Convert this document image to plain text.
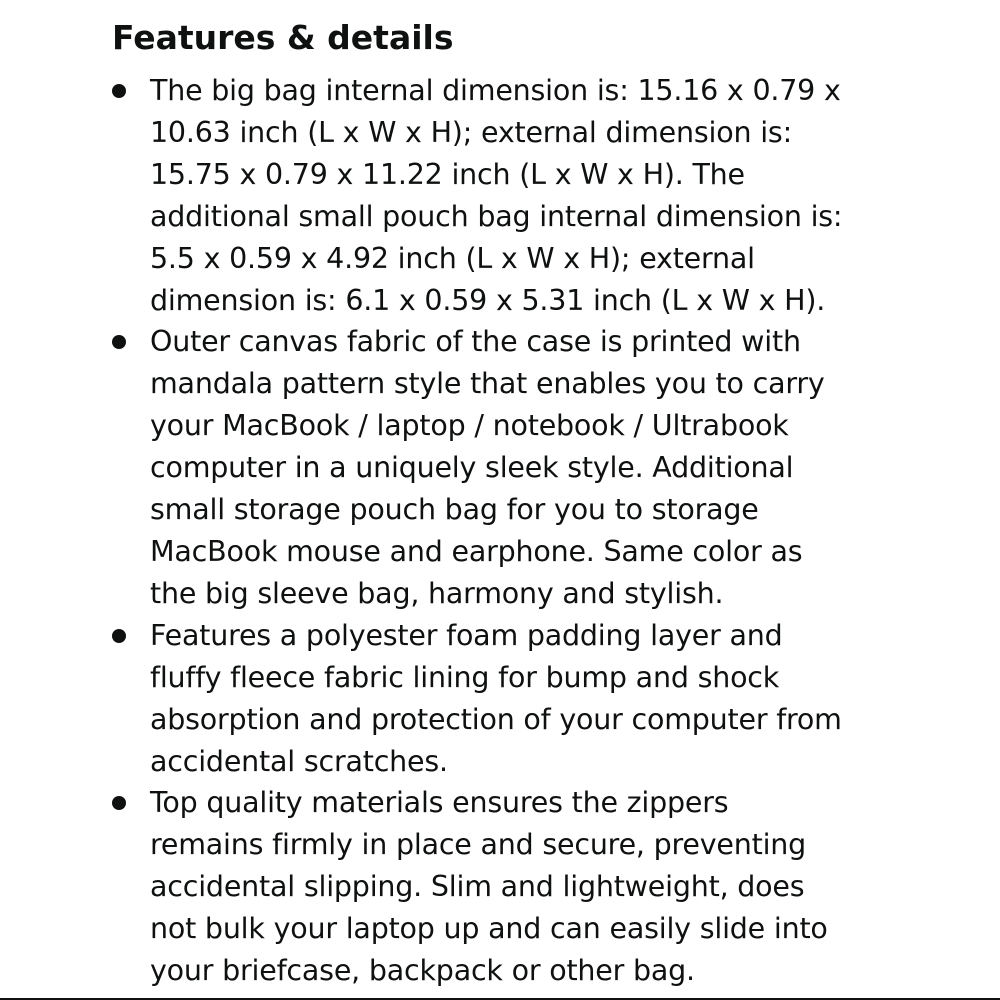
Features & details
The big bag internal dimension is: 15.16 x 0.79 x 10.63 inch (L x W x H); external dimension is: 15.75 x 0.79 x 11.22 inch (L x W x H). The additional small pouch bag internal dimension is: 5.5 x 0.59 x 4.92 inch (L x W x H); external dimension is: 6.1 x 0.59 x 5.31 inch (L x W x H).
Outer canvas fabric of the case is printed with mandala pattern style that enables you to carry your MacBook / laptop / notebook / Ultrabook computer in a uniquely sleek style. Additional small storage pouch bag for you to storage MacBook mouse and earphone. Same color as the big sleeve bag, harmony and stylish.
Features a polyester foam padding layer and fluffy fleece fabric lining for bump and shock absorption and protection of your computer from accidental scratches.
Top quality materials ensures the zippers remains firmly in place and secure, preventing accidental slipping. Slim and lightweight, does not bulk your laptop up and can easily slide into your briefcase, backpack or other bag.
